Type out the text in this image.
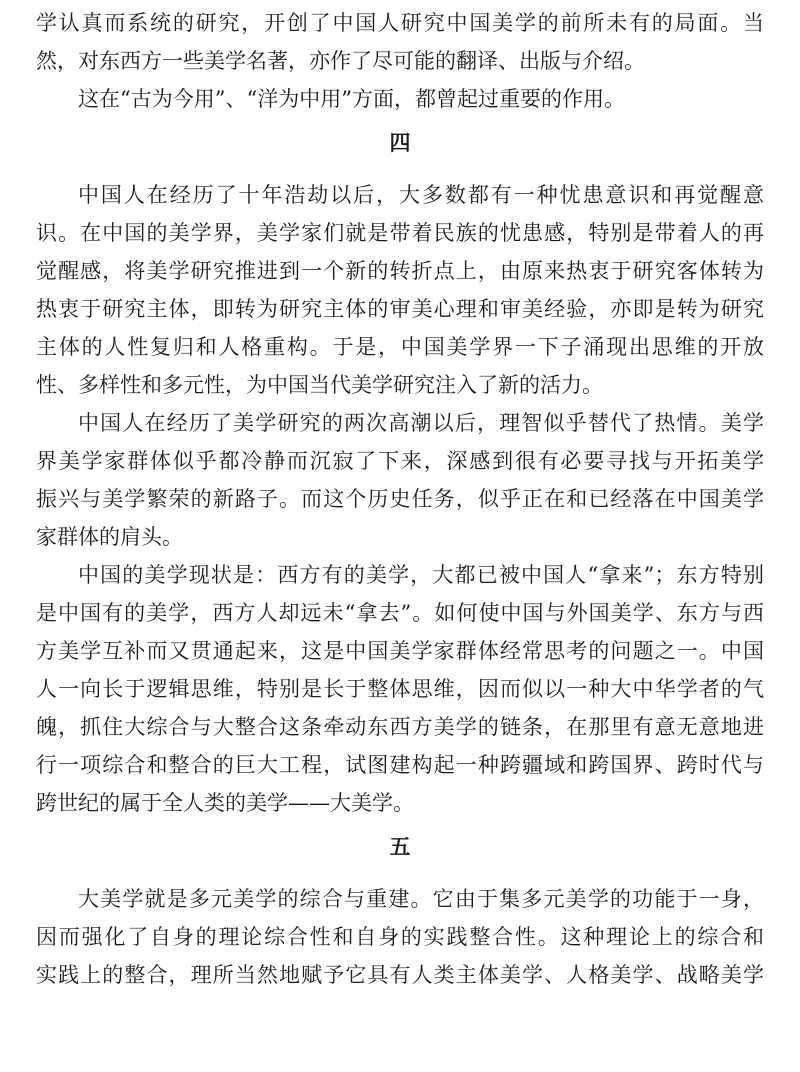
学认真而系统的研究，开创了中国人研究中国美学的前所未有的局面。当
然，对东西方一些美学名著，亦作了尽可能的翻译、出版与介绍。
这在“古为今用”、“洋为中用”方面，都曾起过重要的作用。
四
中国人在经历了十年浩劫以后，大多数都有一种忧患意识和再觉醒意
识。在中国的美学界，美学家们就是带着民族的忧患感，特别是带着人的再
觉醒感，将美学研究推进到一个新的转折点上，由原来热衷于研究客体转为
热衷于研究主体，即转为研究主体的审美心理和审美经验，亦即是转为研究
主体的人性复归和人格重构。于是，中国美学界一下子涌现出思维的开放
性、多样性和多元性，为中国当代美学研究注入了新的活力。
中国人在经历了美学研究的两次高潮以后，理智似乎替代了热情。美学
界美学家群体似乎都冷静而沉寂了下来，深感到很有必要寻找与开拓美学
振兴与美学繁荣的新路子。而这个历史任务，似乎正在和已经落在中国美学
家群体的肩头。
中国的美学现状是：西方有的美学，大都已被中国人“拿来”；东方特别
是中国有的美学，西方人却远未“拿去”。如何使中国与外国美学、东方与西
方美学互补而又贯通起来，这是中国美学家群体经常思考的问题之一。中国
人一向长于逻辑思维，特别是长于整体思维，因而似以一种大中华学者的气
魄，抓住大综合与大整合这条牵动东西方美学的链条，在那里有意无意地进
行一项综合和整合的巨大工程，试图建构起一种跨疆域和跨国界、跨时代与
跨世纪的属于全人类的美学——大美学。
五
大美学就是多元美学的综合与重建。它由于集多元美学的功能于一身，
因而强化了自身的理论综合性和自身的实践整合性。这种理论上的综合和
实践上的整合，理所当然地赋予它具有人类主体美学、人格美学、战略美学
